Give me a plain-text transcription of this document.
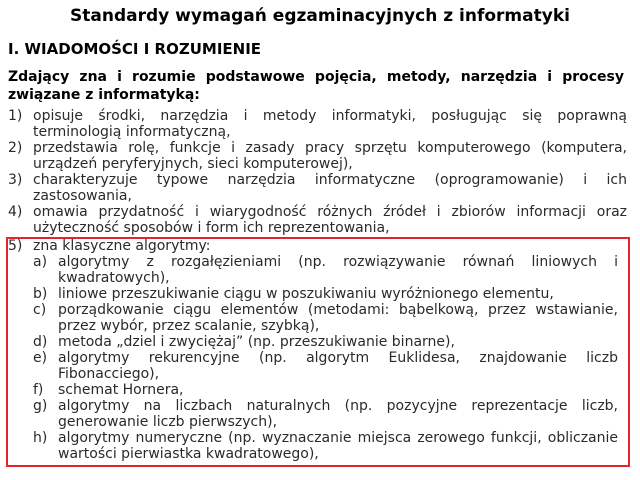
Standardy wymagań egzaminacyjnych z informatyki
I. WIADOMOŚCI I ROZUMIENIE
Zdający zna i rozumie podstawowe pojęcia, metody, narzędzia i procesy związane z informatyką:
1) opisuje środki, narzędzia i metody informatyki, posługując się poprawną terminologią informatyczną,
2) przedstawia rolę, funkcje i zasady pracy sprzętu komputerowego (komputera, urządzeń peryferyjnych, sieci komputerowej),
3) charakteryzuje typowe narzędzia informatyczne (oprogramowanie) i ich zastosowania,
4) omawia przydatność i wiarygodność różnych źródeł i zbiorów informacji oraz użyteczność sposobów i form ich reprezentowania,
5) zna klasyczne algorytmy:
a) algorytmy z rozgałęzieniami (np. rozwiązywanie równań liniowych i kwadratowych),
b) liniowe przeszukiwanie ciągu w poszukiwaniu wyróżnionego elementu,
c) porządkowanie ciągu elementów (metodami: bąbelkową, przez wstawianie, przez wybór, przez scalanie, szybką),
d) metoda „dziel i zwyciężaj” (np. przeszukiwanie binarne),
e) algorytmy rekurencyjne (np. algorytm Euklidesa, znajdowanie liczb Fibonacciego),
f) schemat Hornera,
g) algorytmy na liczbach naturalnych (np. pozycyjne reprezentacje liczb, generowanie liczb pierwszych),
h) algorytmy numeryczne (np. wyznaczanie miejsca zerowego funkcji, obliczanie wartości pierwiastka kwadratowego),
